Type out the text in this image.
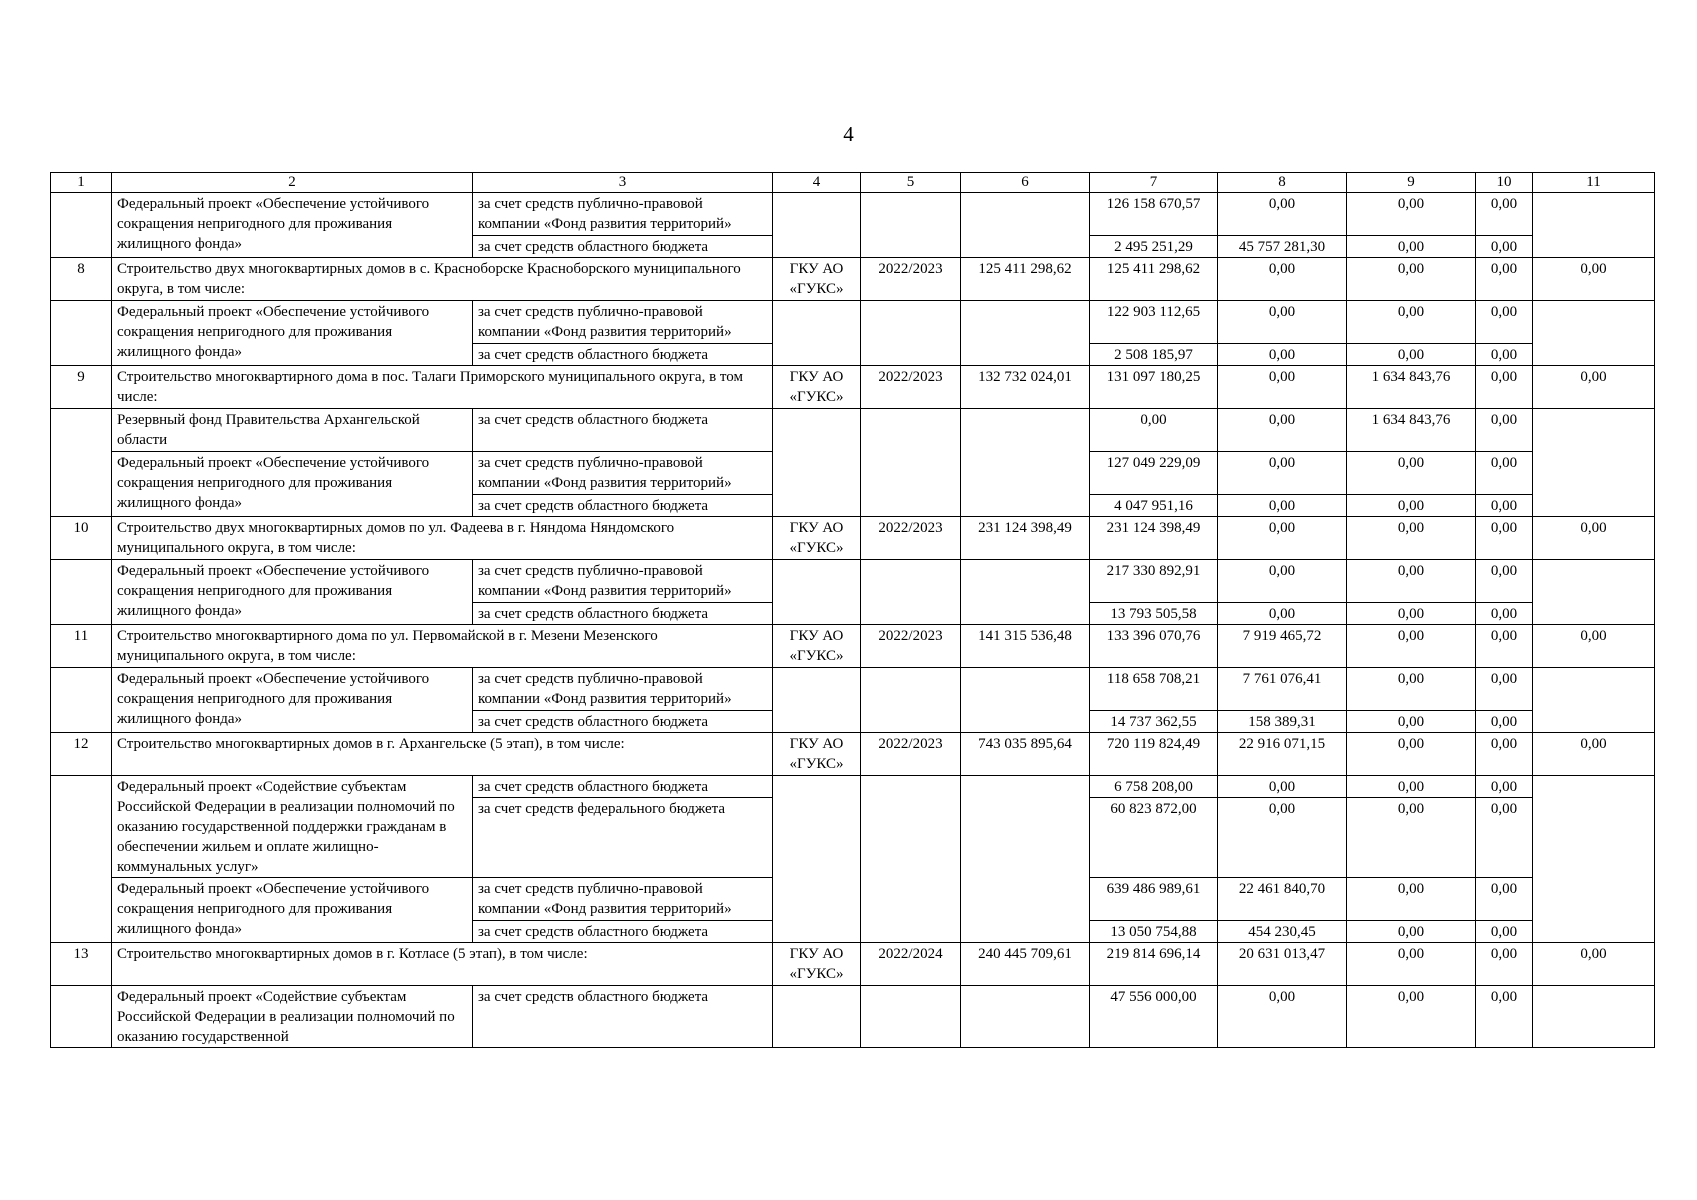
4
1	2	3	4	5	6	7	8	9	10	11
	Федеральный проект «Обеспечение устойчивого сокращения непригодного для проживания жилищного фонда»	за счет средств публично-правовой компании «Фонд развития территорий»				126 158 670,57	0,00	0,00	0,00	
		за счет средств областного бюджета				2 495 251,29	45 757 281,30	0,00	0,00	
8	Строительство двух многоквартирных домов в с. Красноборске Красноборского муниципального округа, в том числе:		ГКУ АО «ГУКС»	2022/2023	125 411 298,62	125 411 298,62	0,00	0,00	0,00	0,00
	Федеральный проект «Обеспечение устойчивого сокращения непригодного для проживания жилищного фонда»	за счет средств публично-правовой компании «Фонд развития территорий»				122 903 112,65	0,00	0,00	0,00	
		за счет средств областного бюджета				2 508 185,97	0,00	0,00	0,00	
9	Строительство многоквартирного дома в пос. Талаги Приморского муниципального округа, в том числе:		ГКУ АО «ГУКС»	2022/2023	132 732 024,01	131 097 180,25	0,00	1 634 843,76	0,00	0,00
	Резервный фонд Правительства Архангельской области	за счет средств областного бюджета				0,00	0,00	1 634 843,76	0,00	
	Федеральный проект «Обеспечение устойчивого сокращения непригодного для проживания жилищного фонда»	за счет средств публично-правовой компании «Фонд развития территорий»				127 049 229,09	0,00	0,00	0,00	
		за счет средств областного бюджета				4 047 951,16	0,00	0,00	0,00	
10	Строительство двух многоквартирных домов по ул. Фадеева в г. Няндома Няндомского муниципального округа, в том числе:		ГКУ АО «ГУКС»	2022/2023	231 124 398,49	231 124 398,49	0,00	0,00	0,00	0,00
	Федеральный проект «Обеспечение устойчивого сокращения непригодного для проживания жилищного фонда»	за счет средств публично-правовой компании «Фонд развития территорий»				217 330 892,91	0,00	0,00	0,00	
		за счет средств областного бюджета				13 793 505,58	0,00	0,00	0,00	
11	Строительство многоквартирного дома по ул. Первомайской в г. Мезени Мезенского муниципального округа, в том числе:		ГКУ АО «ГУКС»	2022/2023	141 315 536,48	133 396 070,76	7 919 465,72	0,00	0,00	0,00
	Федеральный проект «Обеспечение устойчивого сокращения непригодного для проживания жилищного фонда»	за счет средств публично-правовой компании «Фонд развития территорий»				118 658 708,21	7 761 076,41	0,00	0,00	
		за счет средств областного бюджета				14 737 362,55	158 389,31	0,00	0,00	
12	Строительство многоквартирных домов в г. Архангельске (5 этап), в том числе:		ГКУ АО «ГУКС»	2022/2023	743 035 895,64	720 119 824,49	22 916 071,15	0,00	0,00	0,00
	Федеральный проект «Содействие субъектам Российской Федерации в реализации полномочий по оказанию государственной поддержки гражданам в обеспечении жильем и оплате жилищно-коммунальных услуг»	за счет средств областного бюджета				6 758 208,00	0,00	0,00	0,00	
		за счет средств федерального бюджета				60 823 872,00	0,00	0,00	0,00	
	Федеральный проект «Обеспечение устойчивого сокращения непригодного для проживания жилищного фонда»	за счет средств публично-правовой компании «Фонд развития территорий»				639 486 989,61	22 461 840,70	0,00	0,00	
		за счет средств областного бюджета				13 050 754,88	454 230,45	0,00	0,00	
13	Строительство многоквартирных домов в г. Котласе (5 этап), в том числе:		ГКУ АО «ГУКС»	2022/2024	240 445 709,61	219 814 696,14	20 631 013,47	0,00	0,00	0,00
	Федеральный проект «Содействие субъектам Российской Федерации в реализации полномочий по оказанию государственной	за счет средств областного бюджета				47 556 000,00	0,00	0,00	0,00	
